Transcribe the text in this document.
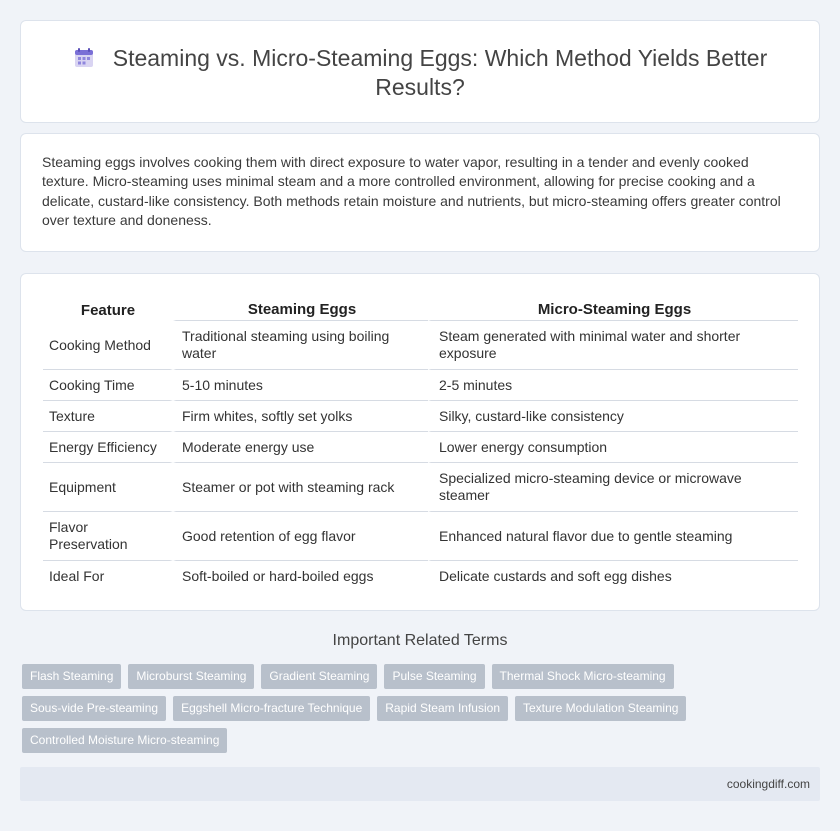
Steaming vs. Micro-Steaming Eggs: Which Method Yields Better Results?

Steaming eggs involves cooking them with direct exposure to water vapor, resulting in a tender and evenly cooked texture. Micro-steaming uses minimal steam and a more controlled environment, allowing for precise cooking and a delicate, custard-like consistency. Both methods retain moisture and nutrients, but micro-steaming offers greater control over texture and doneness.

Feature	Steaming Eggs	Micro-Steaming Eggs
Cooking Method	Traditional steaming using boiling water	Steam generated with minimal water and shorter exposure
Cooking Time	5-10 minutes	2-5 minutes
Texture	Firm whites, softly set yolks	Silky, custard-like consistency
Energy Efficiency	Moderate energy use	Lower energy consumption
Equipment	Steamer or pot with steaming rack	Specialized micro-steaming device or microwave steamer
Flavor Preservation	Good retention of egg flavor	Enhanced natural flavor due to gentle steaming
Ideal For	Soft-boiled or hard-boiled eggs	Delicate custards and soft egg dishes
Important Related Terms
Flash Steaming	Microburst Steaming	Gradient Steaming	Pulse Steaming	Thermal Shock Micro-steaming
Sous-vide Pre-steaming	Eggshell Micro-fracture Technique	Rapid Steam Infusion	Texture Modulation Steaming
Controlled Moisture Micro-steaming
cookingdiff.com
